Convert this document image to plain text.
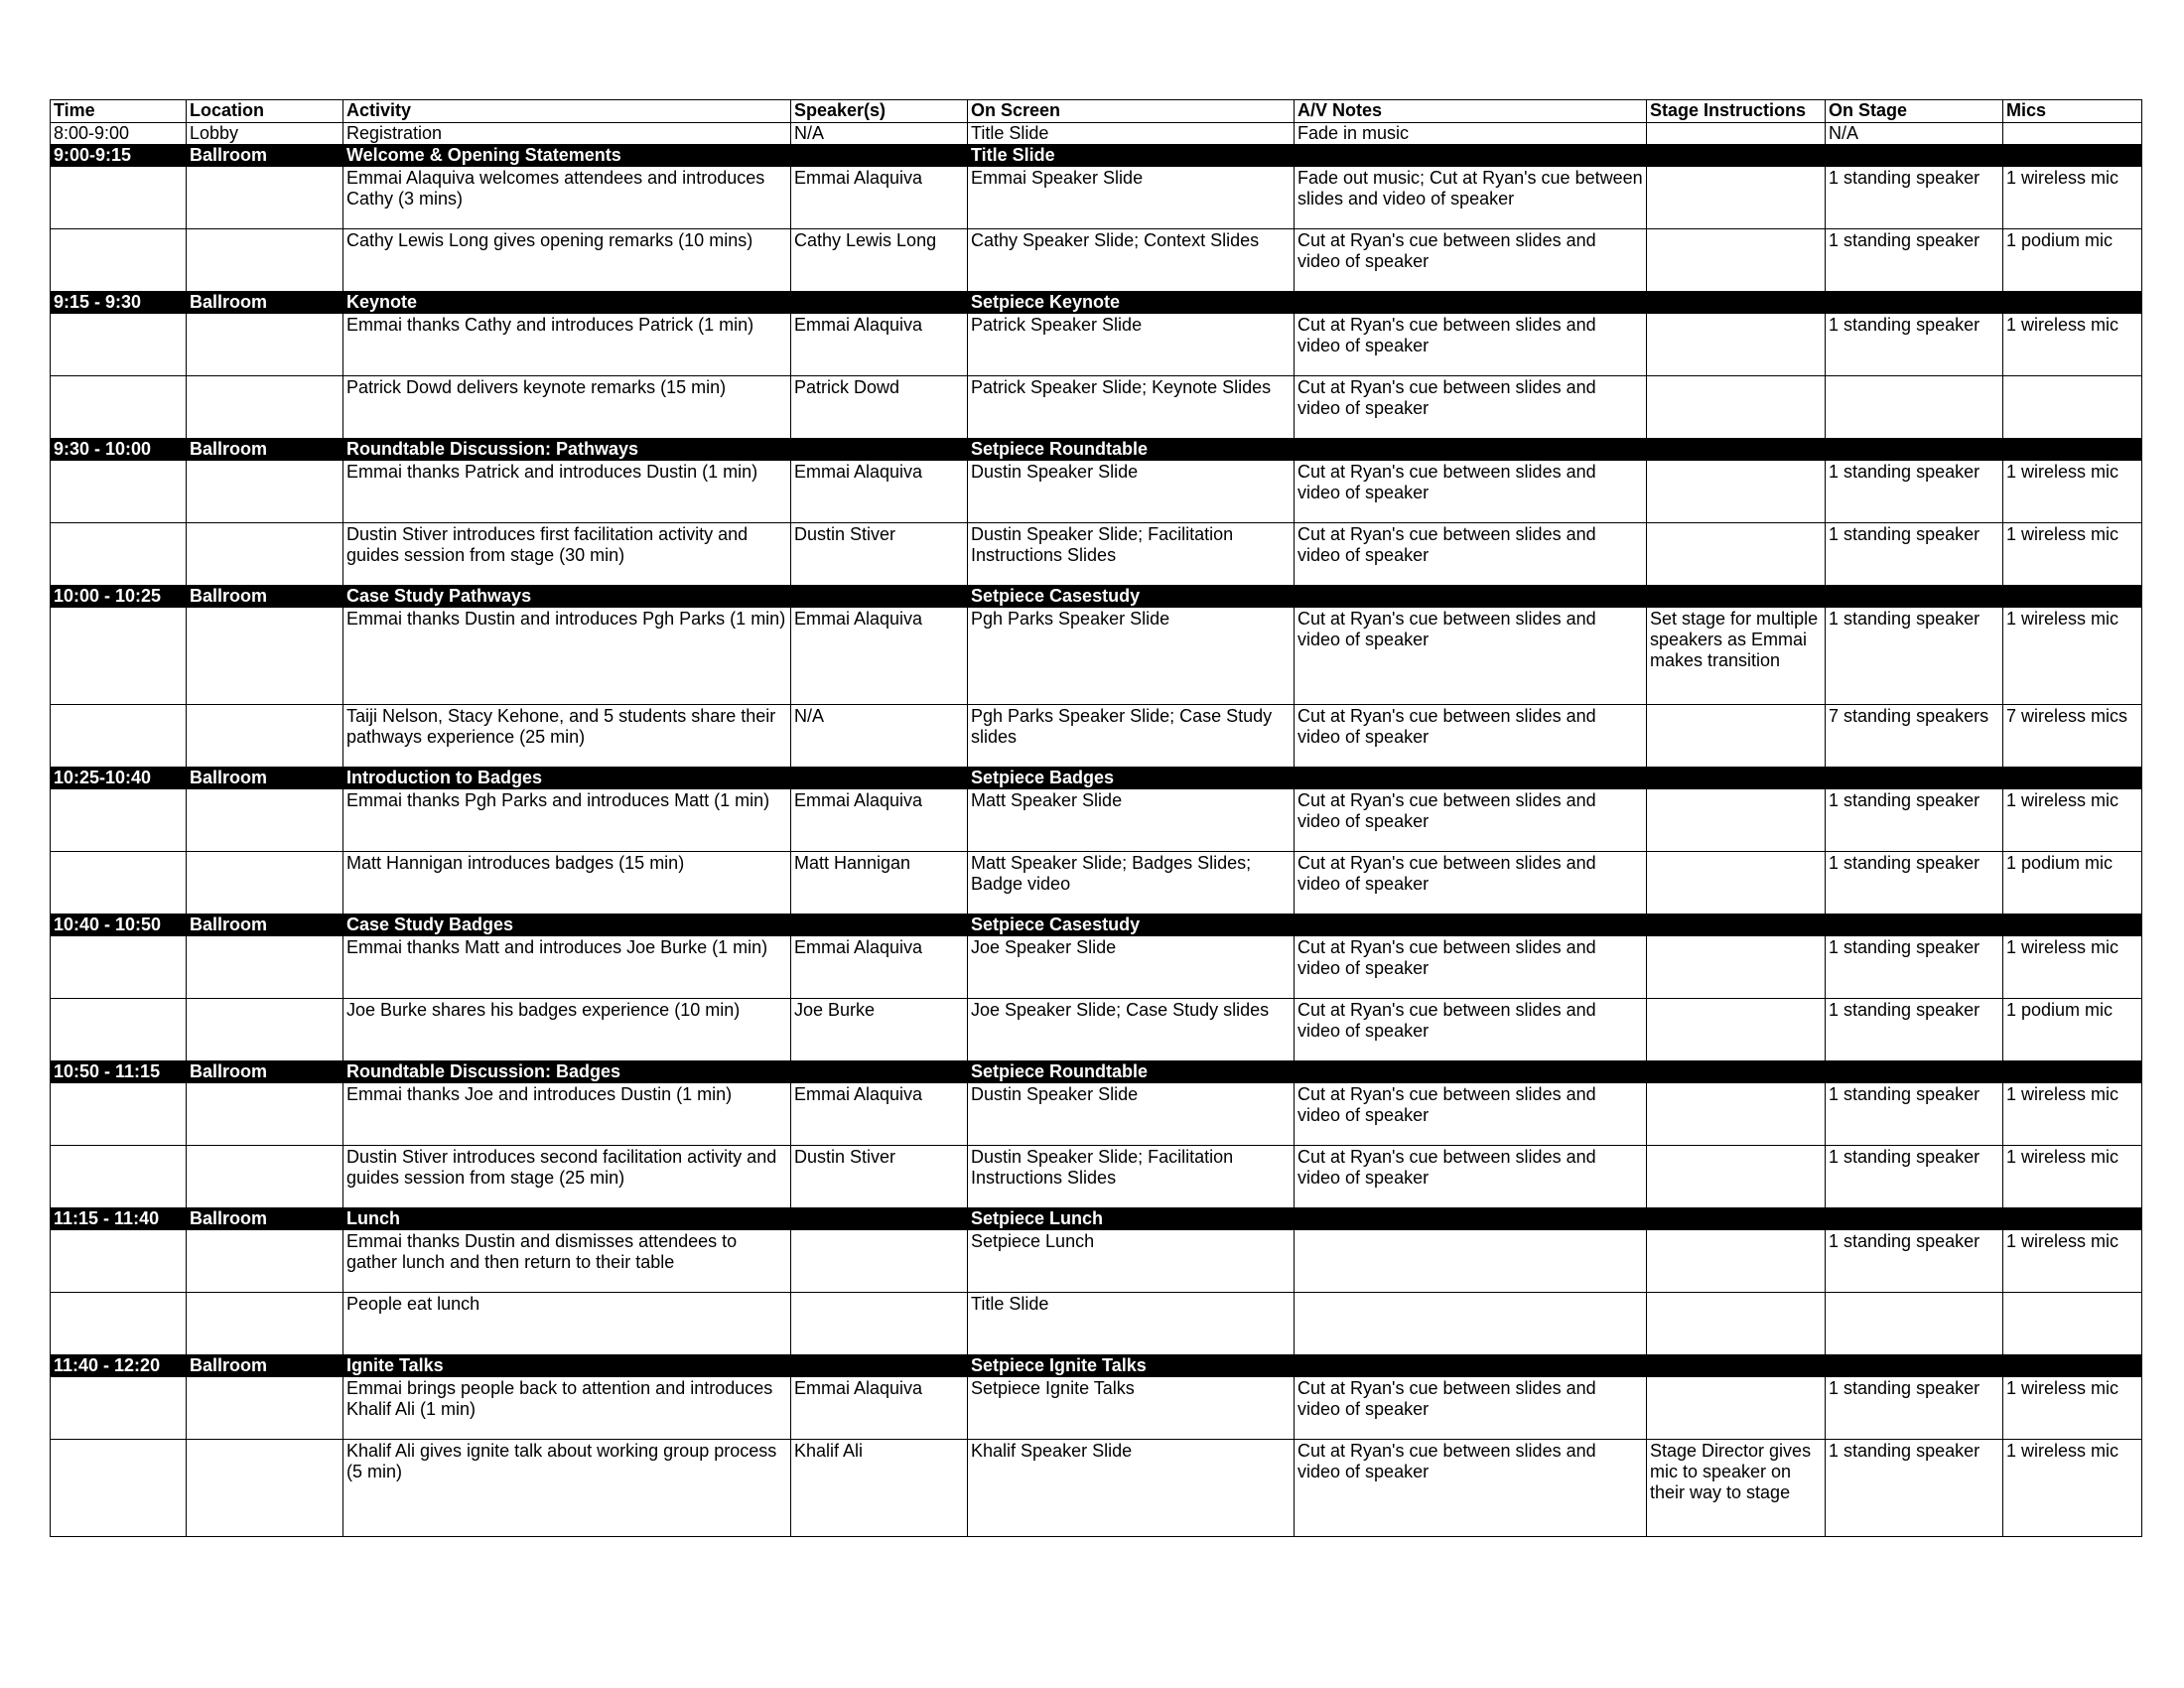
Time	Location	Activity	Speaker(s)	On Screen	A/V Notes	Stage Instructions	On Stage	Mics
8:00-9:00	Lobby	Registration	N/A	Title Slide	Fade in music		N/A	
9:00-9:15	Ballroom	Welcome & Opening Statements		Title Slide				
		Emmai Alaquiva welcomes attendees and introduces Cathy (3 mins)	Emmai Alaquiva	Emmai Speaker Slide	Fade out music; Cut at Ryan's cue between slides and video of speaker		1 standing speaker	1 wireless mic
		Cathy Lewis Long gives opening remarks (10 mins)	Cathy Lewis Long	Cathy Speaker Slide; Context Slides	Cut at Ryan's cue between slides and video of speaker		1 standing speaker	1 podium mic
9:15 - 9:30	Ballroom	Keynote		Setpiece Keynote				
		Emmai thanks Cathy and introduces Patrick (1 min)	Emmai Alaquiva	Patrick Speaker Slide	Cut at Ryan's cue between slides and video of speaker		1 standing speaker	1 wireless mic
		Patrick Dowd delivers keynote remarks (15 min)	Patrick Dowd	Patrick Speaker Slide; Keynote Slides	Cut at Ryan's cue between slides and video of speaker			
9:30 - 10:00	Ballroom	Roundtable Discussion: Pathways		Setpiece Roundtable				
		Emmai thanks Patrick and introduces Dustin (1 min)	Emmai Alaquiva	Dustin Speaker Slide	Cut at Ryan's cue between slides and video of speaker		1 standing speaker	1 wireless mic
		Dustin Stiver introduces first facilitation activity and guides session from stage (30 min)	Dustin Stiver	Dustin Speaker Slide; Facilitation Instructions Slides	Cut at Ryan's cue between slides and video of speaker		1 standing speaker	1 wireless mic
10:00 - 10:25	Ballroom	Case Study Pathways		Setpiece Casestudy				
		Emmai thanks Dustin and introduces Pgh Parks (1 min)	Emmai Alaquiva	Pgh Parks Speaker Slide	Cut at Ryan's cue between slides and video of speaker	Set stage for multiple speakers as Emmai makes transition	1 standing speaker	1 wireless mic
		Taiji Nelson, Stacy Kehone, and 5 students share their pathways experience (25 min)	N/A	Pgh Parks Speaker Slide; Case Study slides	Cut at Ryan's cue between slides and video of speaker		7 standing speakers	7 wireless mics
10:25-10:40	Ballroom	Introduction to Badges		Setpiece Badges				
		Emmai thanks Pgh Parks and introduces Matt (1 min)	Emmai Alaquiva	Matt Speaker Slide	Cut at Ryan's cue between slides and video of speaker		1 standing speaker	1 wireless mic
		Matt Hannigan introduces badges (15 min)	Matt Hannigan	Matt Speaker Slide; Badges Slides; Badge video	Cut at Ryan's cue between slides and video of speaker		1 standing speaker	1 podium mic
10:40 - 10:50	Ballroom	Case Study Badges		Setpiece Casestudy				
		Emmai thanks Matt and introduces Joe Burke (1 min)	Emmai Alaquiva	Joe Speaker Slide	Cut at Ryan's cue between slides and video of speaker		1 standing speaker	1 wireless mic
		Joe Burke shares his badges experience (10 min)	Joe Burke	Joe Speaker Slide; Case Study slides	Cut at Ryan's cue between slides and video of speaker		1 standing speaker	1 podium mic
10:50 - 11:15	Ballroom	Roundtable Discussion: Badges		Setpiece Roundtable				
		Emmai thanks Joe and introduces Dustin (1 min)	Emmai Alaquiva	Dustin Speaker Slide	Cut at Ryan's cue between slides and video of speaker		1 standing speaker	1 wireless mic
		Dustin Stiver introduces second facilitation activity and guides session from stage (25 min)	Dustin Stiver	Dustin Speaker Slide; Facilitation Instructions Slides	Cut at Ryan's cue between slides and video of speaker		1 standing speaker	1 wireless mic
11:15 - 11:40	Ballroom	Lunch		Setpiece Lunch				
		Emmai thanks Dustin and dismisses attendees to gather lunch and then return to their table		Setpiece Lunch			1 standing speaker	1 wireless mic
		People eat lunch		Title Slide				
11:40 - 12:20	Ballroom	Ignite Talks		Setpiece Ignite Talks				
		Emmai brings people back to attention and introduces Khalif Ali (1 min)	Emmai Alaquiva	Setpiece Ignite Talks	Cut at Ryan's cue between slides and video of speaker		1 standing speaker	1 wireless mic
		Khalif Ali gives ignite talk about working group process (5 min)	Khalif Ali	Khalif Speaker Slide	Cut at Ryan's cue between slides and video of speaker	Stage Director gives mic to speaker on their way to stage	1 standing speaker	1 wireless mic
